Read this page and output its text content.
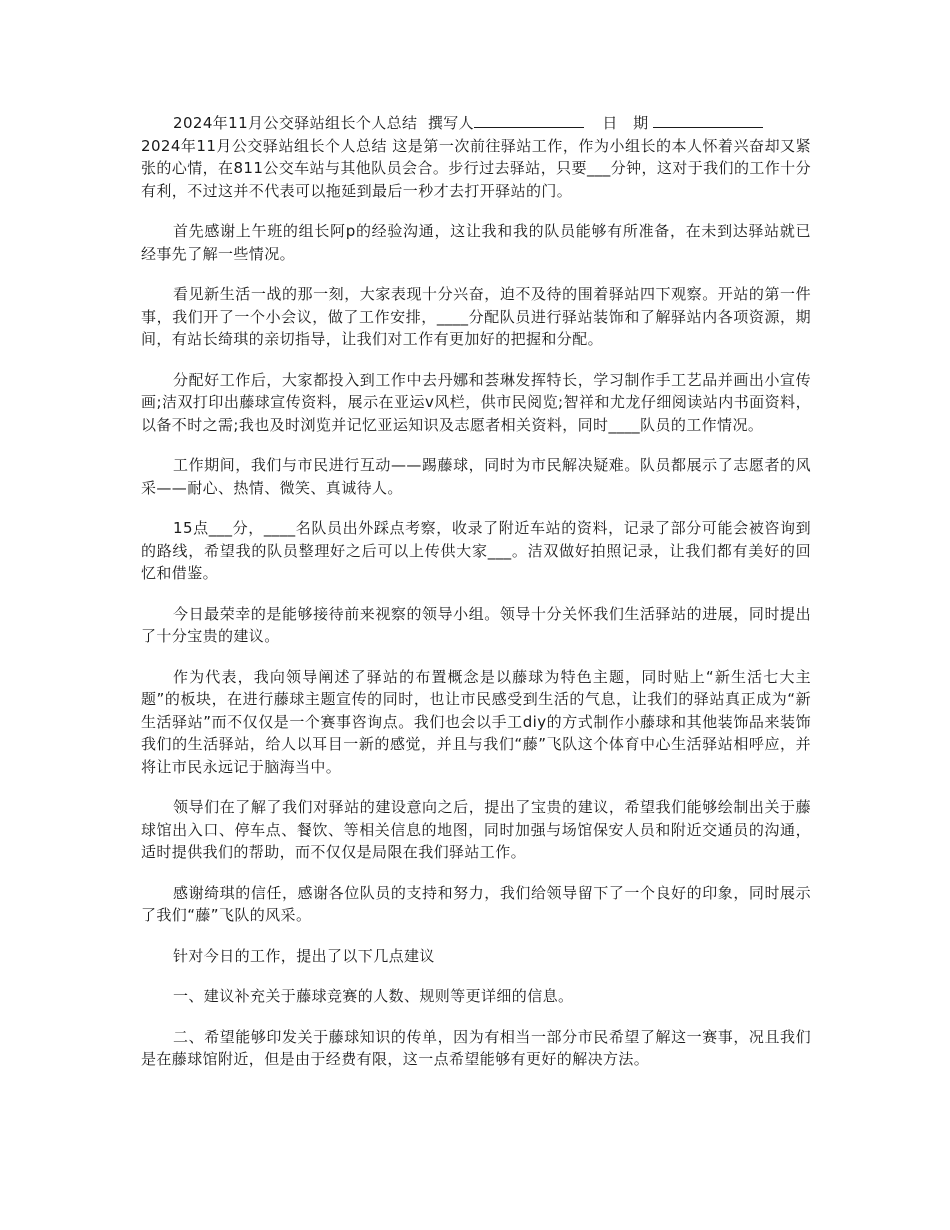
2024年11月公交驿站组长个人总结 撰写人	日　期

2024年11月公交驿站组长个人总结 这是第一次前往驿站工作，作为小组长的本人怀着兴奋却又紧张的心情，在811公交车站与其他队员会合。步行过去驿站，只要___分钟，这对于我们的工作十分有利，不过这并不代表可以拖延到最后一秒才去打开驿站的门。

首先感谢上午班的组长阿p的经验沟通，这让我和我的队员能够有所准备，在未到达驿站就已经事先了解一些情况。

看见新生活一战的那一刻，大家表现十分兴奋，迫不及待的围着驿站四下观察。开站的第一件事，我们开了一个小会议，做了工作安排，____分配队员进行驿站装饰和了解驿站内各项资源，期间，有站长绮琪的亲切指导，让我们对工作有更加好的把握和分配。

分配好工作后，大家都投入到工作中去丹娜和荟琳发挥特长，学习制作手工艺品并画出小宣传画;洁双打印出藤球宣传资料，展示在亚运v风栏，供市民阅览;智祥和尤龙仔细阅读站内书面资料，以备不时之需;我也及时浏览并记忆亚运知识及志愿者相关资料，同时____队员的工作情况。

工作期间，我们与市民进行互动——踢藤球，同时为市民解决疑难。队员都展示了志愿者的风采——耐心、热情、微笑、真诚待人。

15点___分，____名队员出外踩点考察，收录了附近车站的资料，记录了部分可能会被咨询到的路线，希望我的队员整理好之后可以上传供大家___。洁双做好拍照记录，让我们都有美好的回忆和借鉴。

今日最荣幸的是能够接待前来视察的领导小组。领导十分关怀我们生活驿站的进展，同时提出了十分宝贵的建议。

作为代表，我向领导阐述了驿站的布置概念是以藤球为特色主题，同时贴上“新生活七大主题”的板块，在进行藤球主题宣传的同时，也让市民感受到生活的气息，让我们的驿站真正成为“新生活驿站”而不仅仅是一个赛事咨询点。我们也会以手工diy的方式制作小藤球和其他装饰品来装饰我们的生活驿站，给人以耳目一新的感觉，并且与我们“藤”飞队这个体育中心生活驿站相呼应，并将让市民永远记于脑海当中。

领导们在了解了我们对驿站的建设意向之后，提出了宝贵的建议，希望我们能够绘制出关于藤球馆出入口、停车点、餐饮、等相关信息的地图，同时加强与场馆保安人员和附近交通员的沟通，适时提供我们的帮助，而不仅仅是局限在我们驿站工作。

感谢绮琪的信任，感谢各位队员的支持和努力，我们给领导留下了一个良好的印象，同时展示了我们“藤”飞队的风采。

针对今日的工作，提出了以下几点建议

一、建议补充关于藤球竞赛的人数、规则等更详细的信息。

二、希望能够印发关于藤球知识的传单，因为有相当一部分市民希望了解这一赛事，况且我们是在藤球馆附近，但是由于经费有限，这一点希望能够有更好的解决方法。
